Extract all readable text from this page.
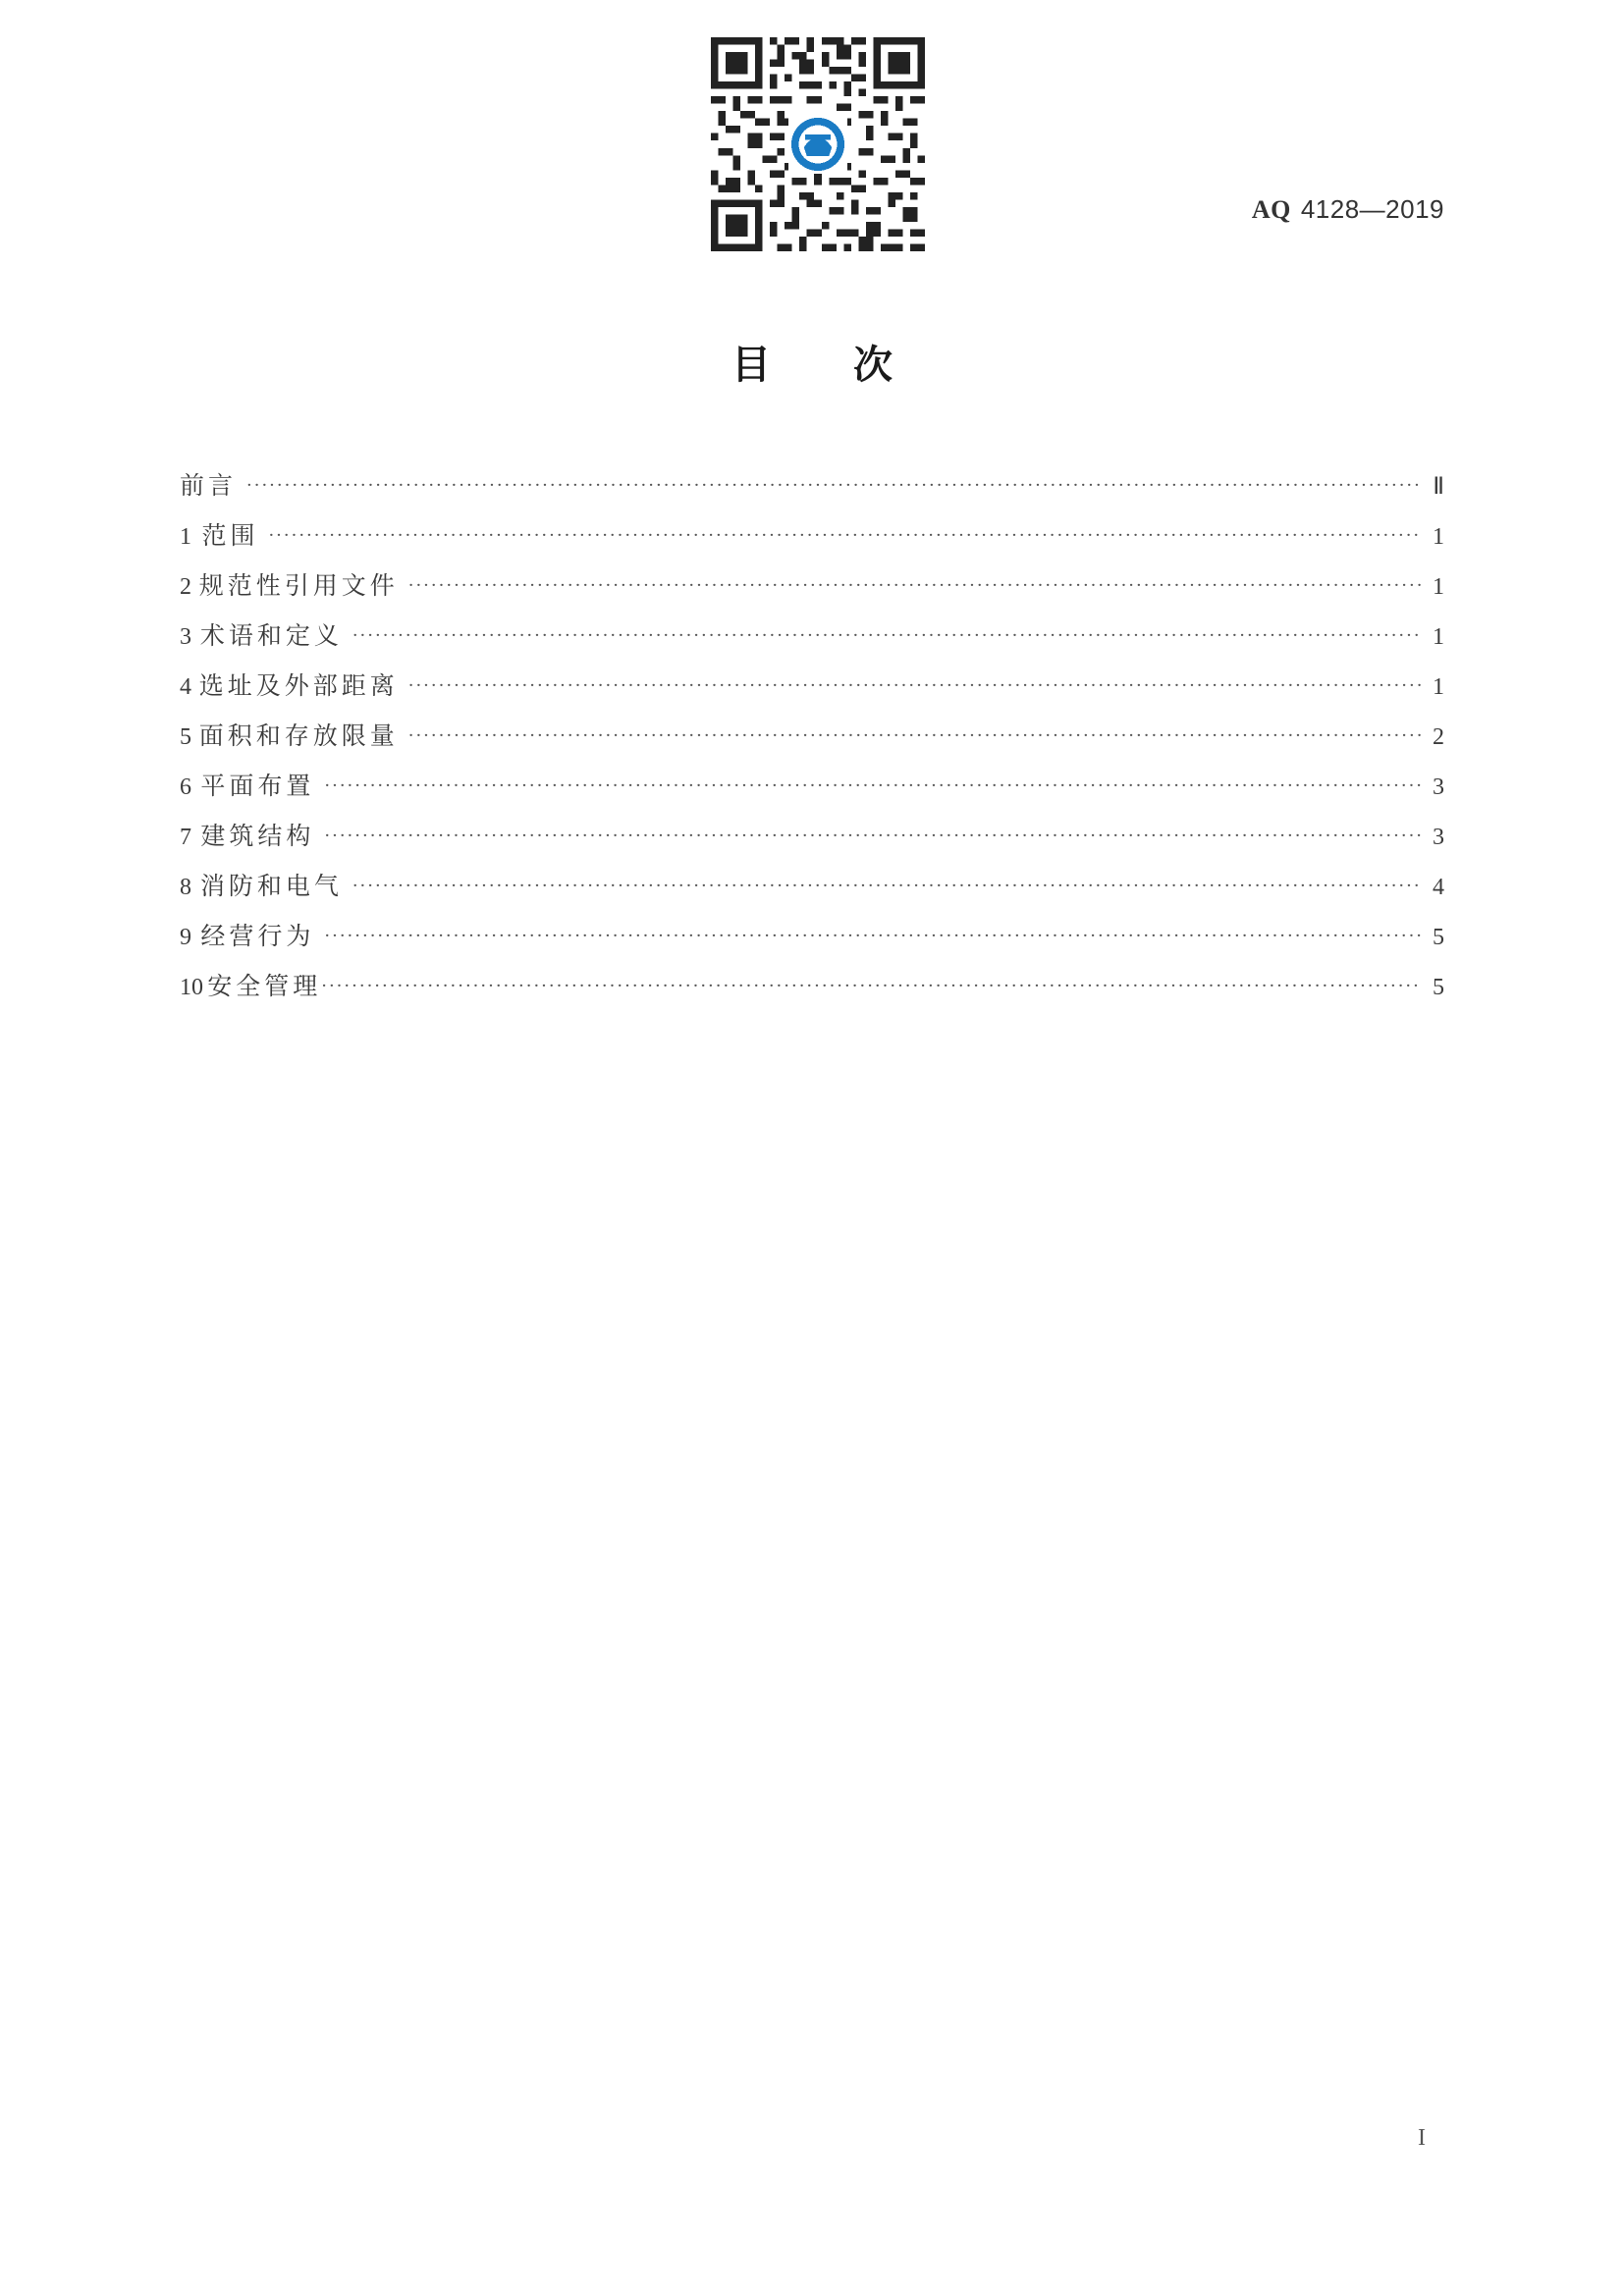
AQ 4128—2019
目次
前言 ·····	Ⅱ
1 范围 ·····	1
2 规范性引用文件 ·····	1
3 术语和定义 ·····	1
4 选址及外部距离 ·····	1
5 面积和存放限量 ·····	2
6 平面布置 ·····	3
7 建筑结构 ·····	3
8 消防和电气 ·····	4
9 经营行为 ·····	5
10 安全管理 ·····	5
I
